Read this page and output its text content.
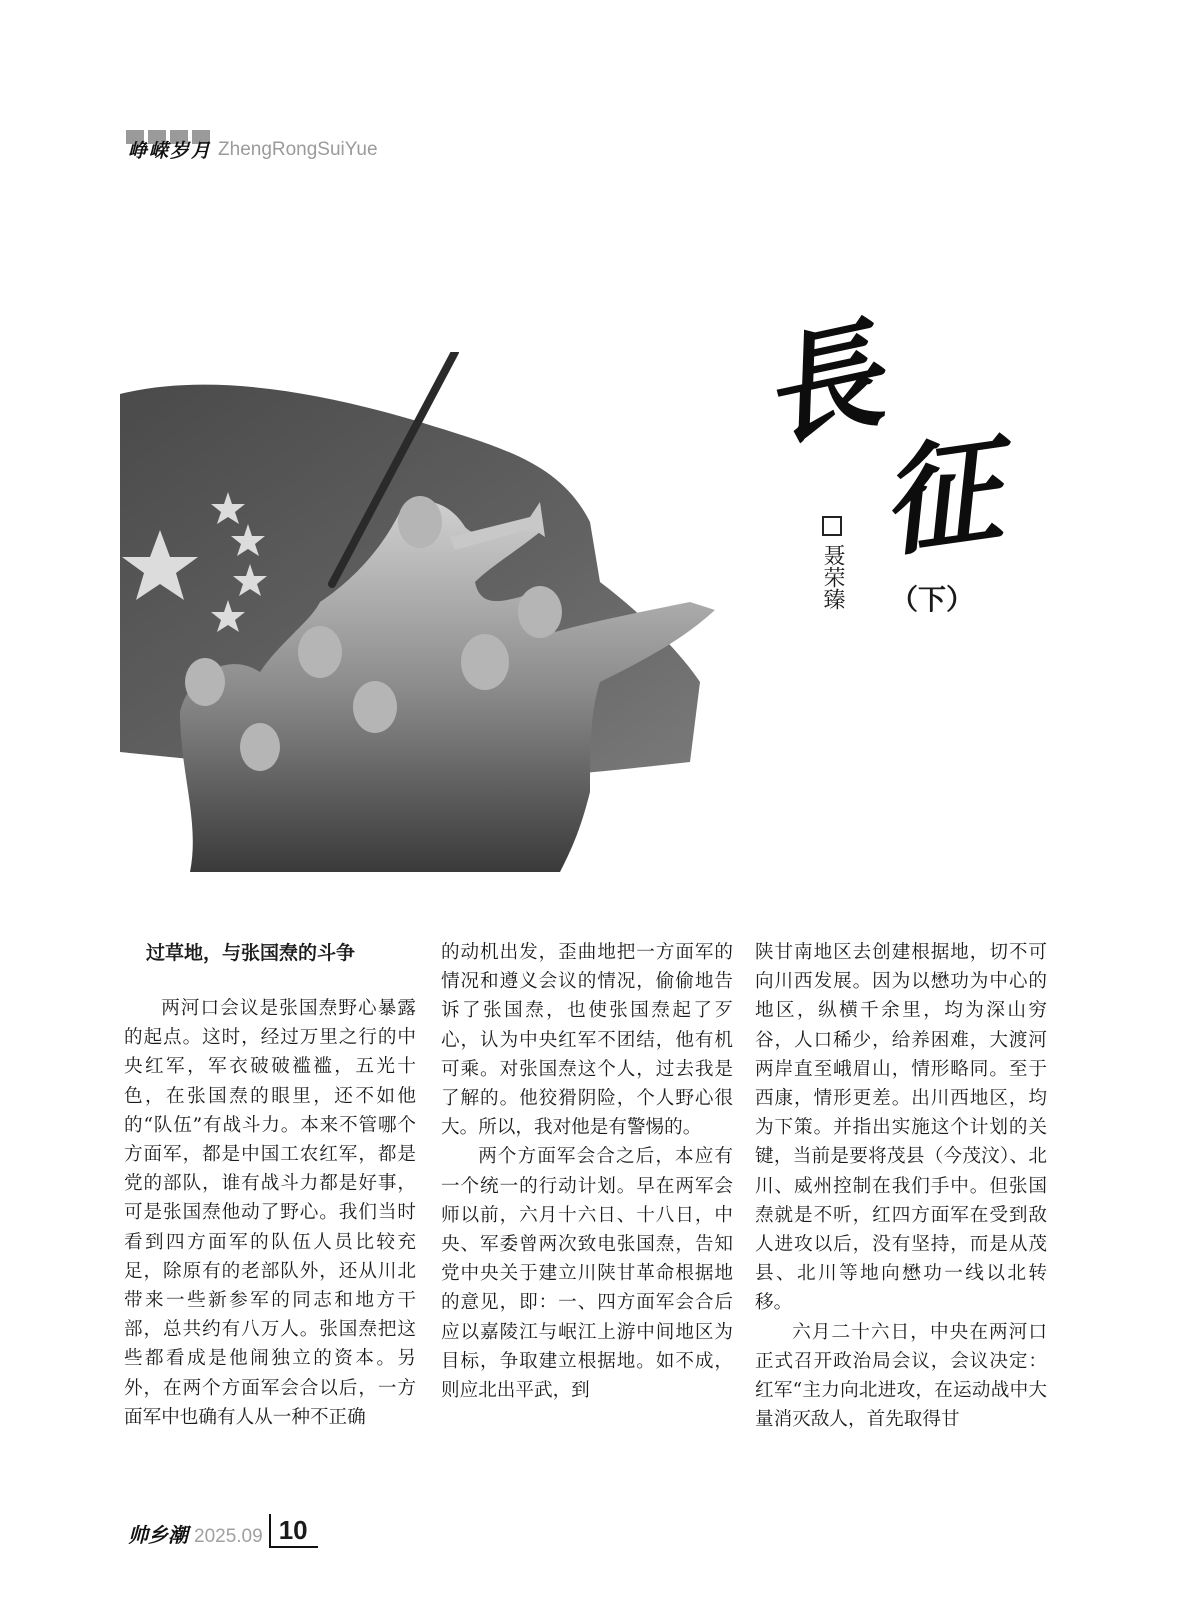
峥嵘岁月 ZhengRongSuiYue
長
征
聂荣臻 （下）
过草地，与张国焘的斗争

两河口会议是张国焘野心暴露的起点。这时，经过万里之行的中央红军，军衣破破褴褴，五光十色，在张国焘的眼里，还不如他的“队伍”有战斗力。本来不管哪个方面军，都是中国工农红军，都是党的部队，谁有战斗力都是好事，可是张国焘他动了野心。我们当时看到四方面军的队伍人员比较充足，除原有的老部队外，还从川北带来一些新参军的同志和地方干部，总共约有八万人。张国焘把这些都看成是他闹独立的资本。另外，在两个方面军会合以后，一方面军中也确有人从一种不正确

的动机出发，歪曲地把一方面军的情况和遵义会议的情况，偷偷地告诉了张国焘，也使张国焘起了歹心，认为中央红军不团结，他有机可乘。对张国焘这个人，过去我是了解的。他狡猾阴险，个人野心很大。所以，我对他是有警惕的。

两个方面军会合之后，本应有一个统一的行动计划。早在两军会师以前，六月十六日、十八日，中央、军委曾两次致电张国焘，告知党中央关于建立川陕甘革命根据地的意见，即：一、四方面军会合后应以嘉陵江与岷江上游中间地区为目标，争取建立根据地。如不成，则应北出平武，到

陕甘南地区去创建根据地，切不可向川西发展。因为以懋功为中心的地区，纵横千余里，均为深山穷谷，人口稀少，给养困难，大渡河两岸直至峨眉山，情形略同。至于西康，情形更差。出川西地区，均为下策。并指出实施这个计划的关键，当前是要将茂县（今茂汶）、北川、威州控制在我们手中。但张国焘就是不听，红四方面军在受到敌人进攻以后，没有坚持，而是从茂县、北川等地向懋功一线以北转移。

六月二十六日，中央在两河口正式召开政治局会议，会议决定：红军“主力向北进攻，在运动战中大量消灭敌人，首先取得甘

帅乡潮 2025.09 10
